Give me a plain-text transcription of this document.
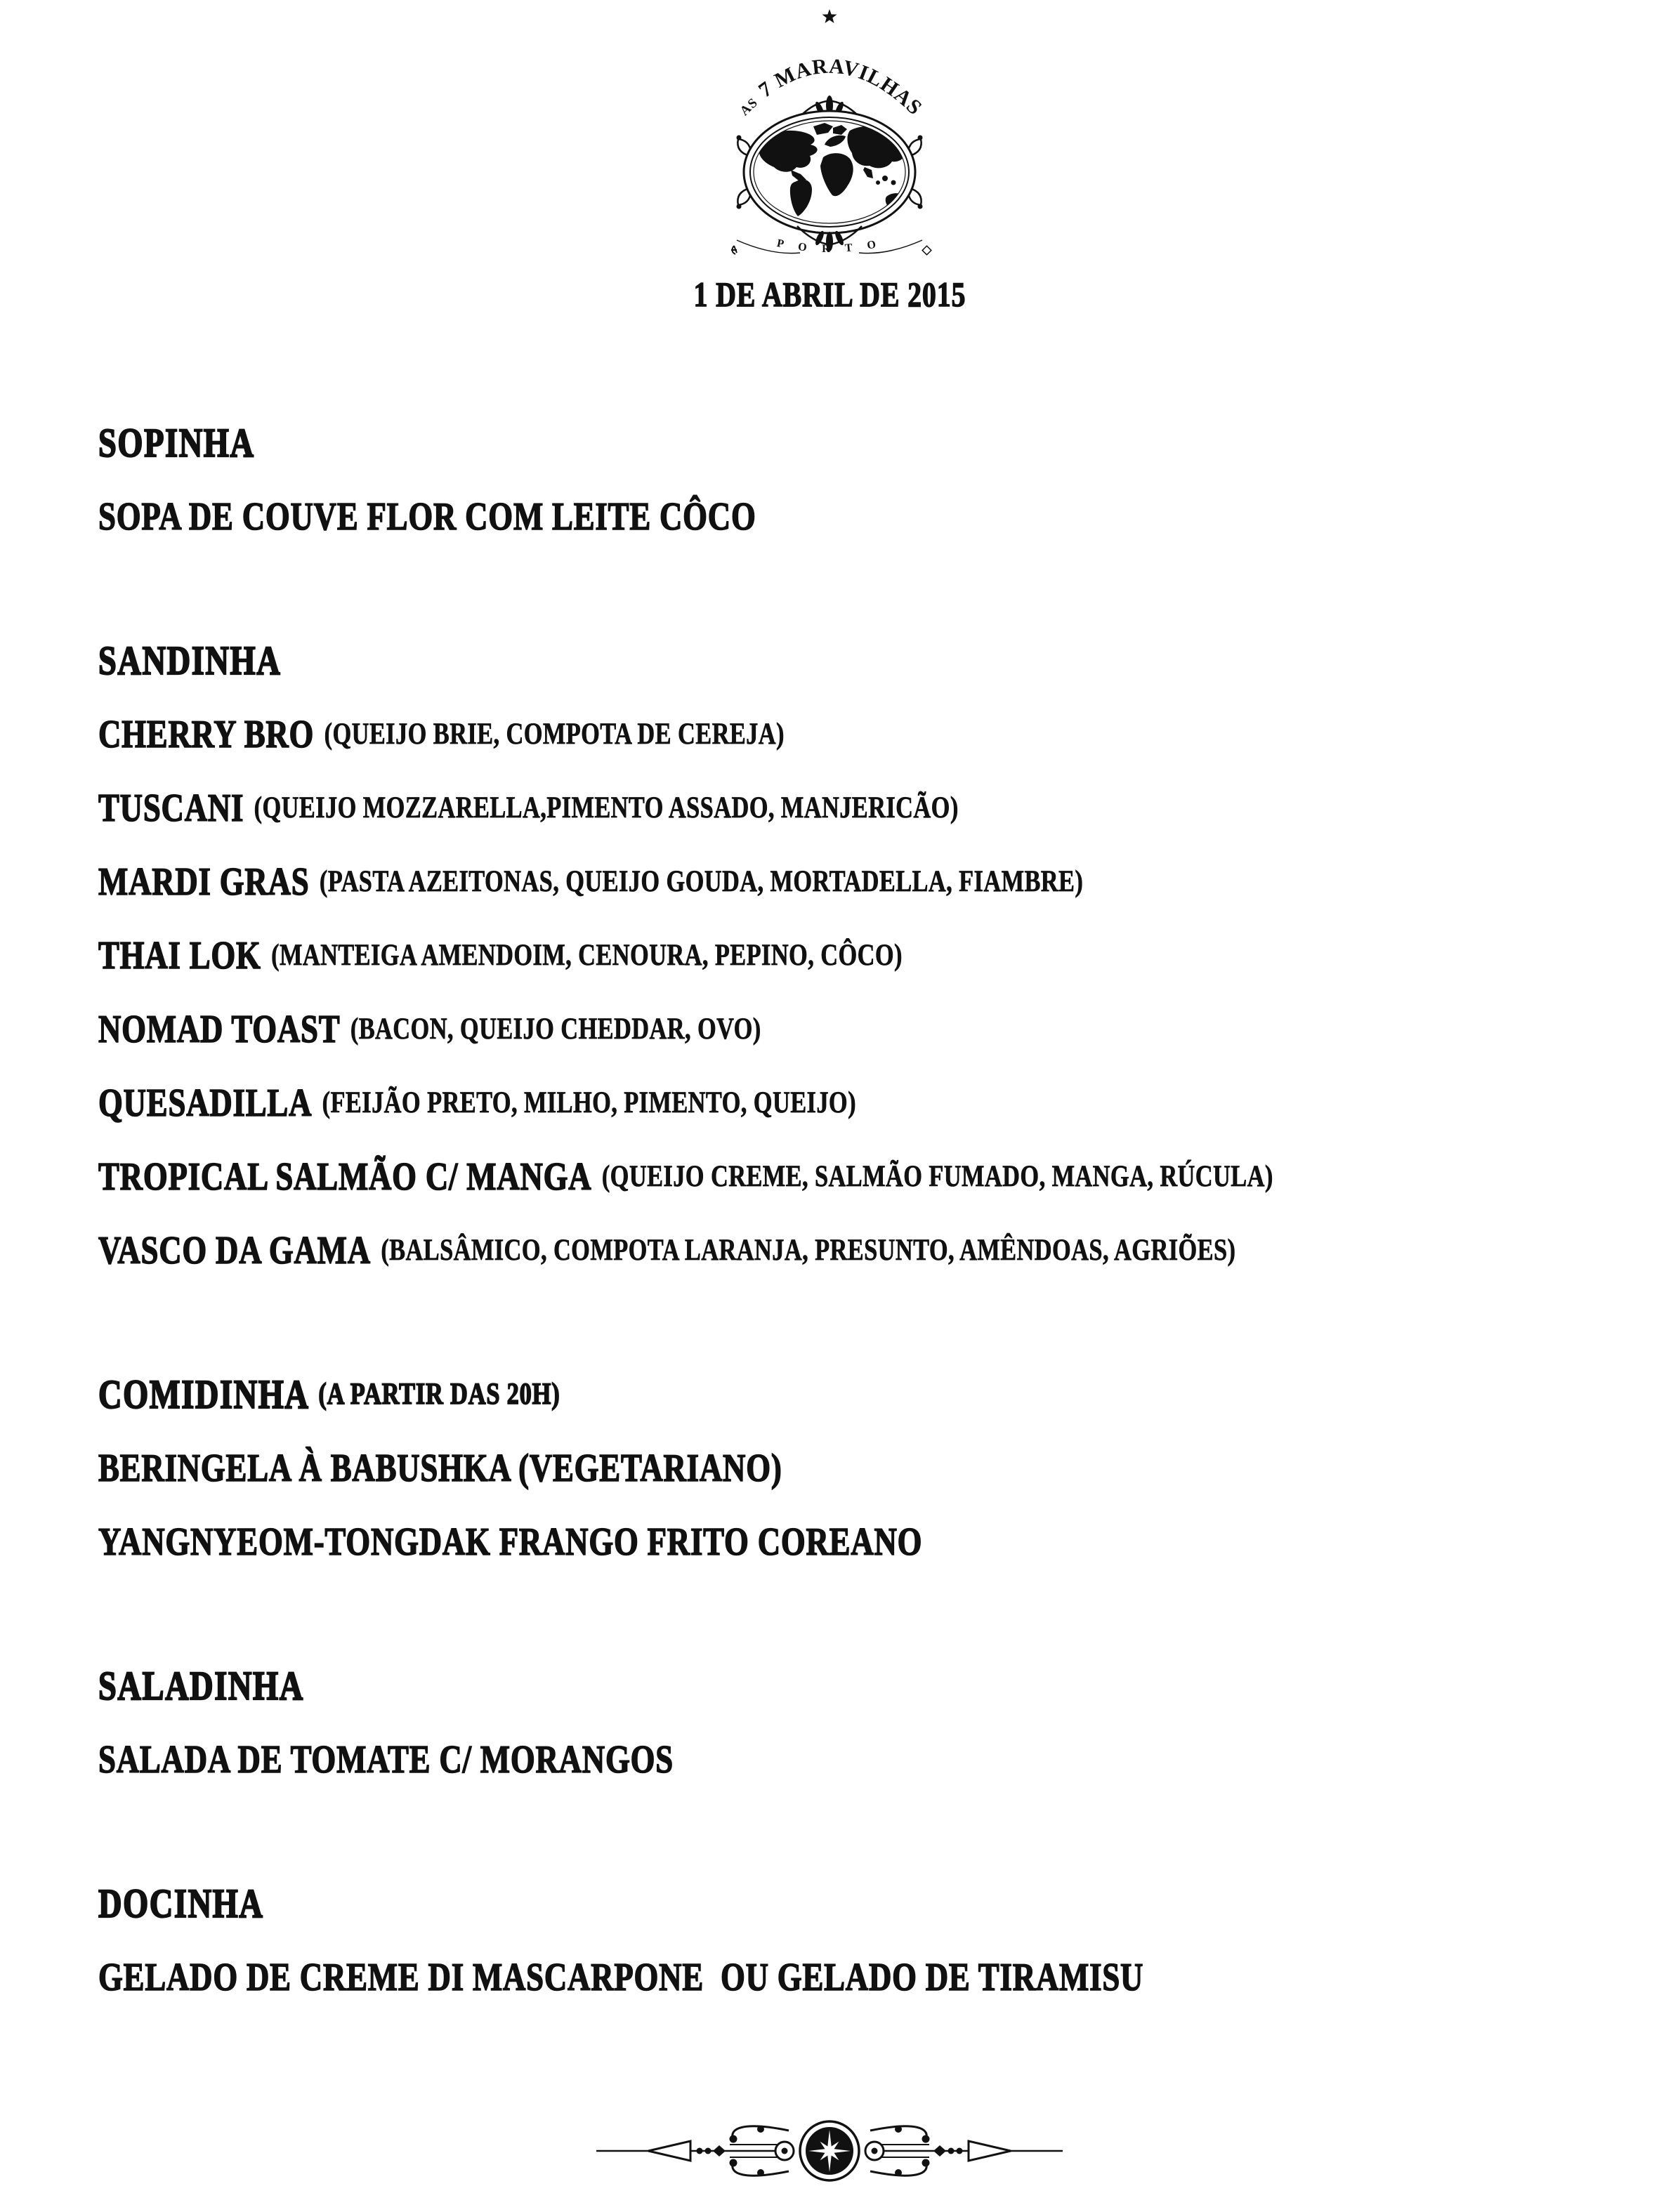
AS 7 MARAVILHAS
P O R T O
1 DE ABRIL DE 2015
SOPINHA
SOPA DE COUVE FLOR COM LEITE CÔCO
SANDINHA
CHERRY BRO (QUEIJO BRIE, COMPOTA DE CEREJA)
TUSCANI (QUEIJO MOZZARELLA,PIMENTO ASSADO, MANJERICÃO)
MARDI GRAS (PASTA AZEITONAS, QUEIJO GOUDA, MORTADELLA, FIAMBRE)
THAI LOK (MANTEIGA AMENDOIM, CENOURA, PEPINO, CÔCO)
NOMAD TOAST (BACON, QUEIJO CHEDDAR, OVO)
QUESADILLA (FEIJÃO PRETO, MILHO, PIMENTO, QUEIJO)
TROPICAL SALMÃO C/ MANGA (QUEIJO CREME, SALMÃO FUMADO, MANGA, RÚCULA)
VASCO DA GAMA (BALSÂMICO, COMPOTA LARANJA, PRESUNTO, AMÊNDOAS, AGRIÕES)
COMIDINHA (A PARTIR DAS 20H)
BERINGELA À BABUSHKA (VEGETARIANO)
YANGNYEOM-TONGDAK FRANGO FRITO COREANO
SALADINHA
SALADA DE TOMATE C/ MORANGOS
DOCINHA
GELADO DE CREME DI MASCARPONE  OU GELADO DE TIRAMISU
